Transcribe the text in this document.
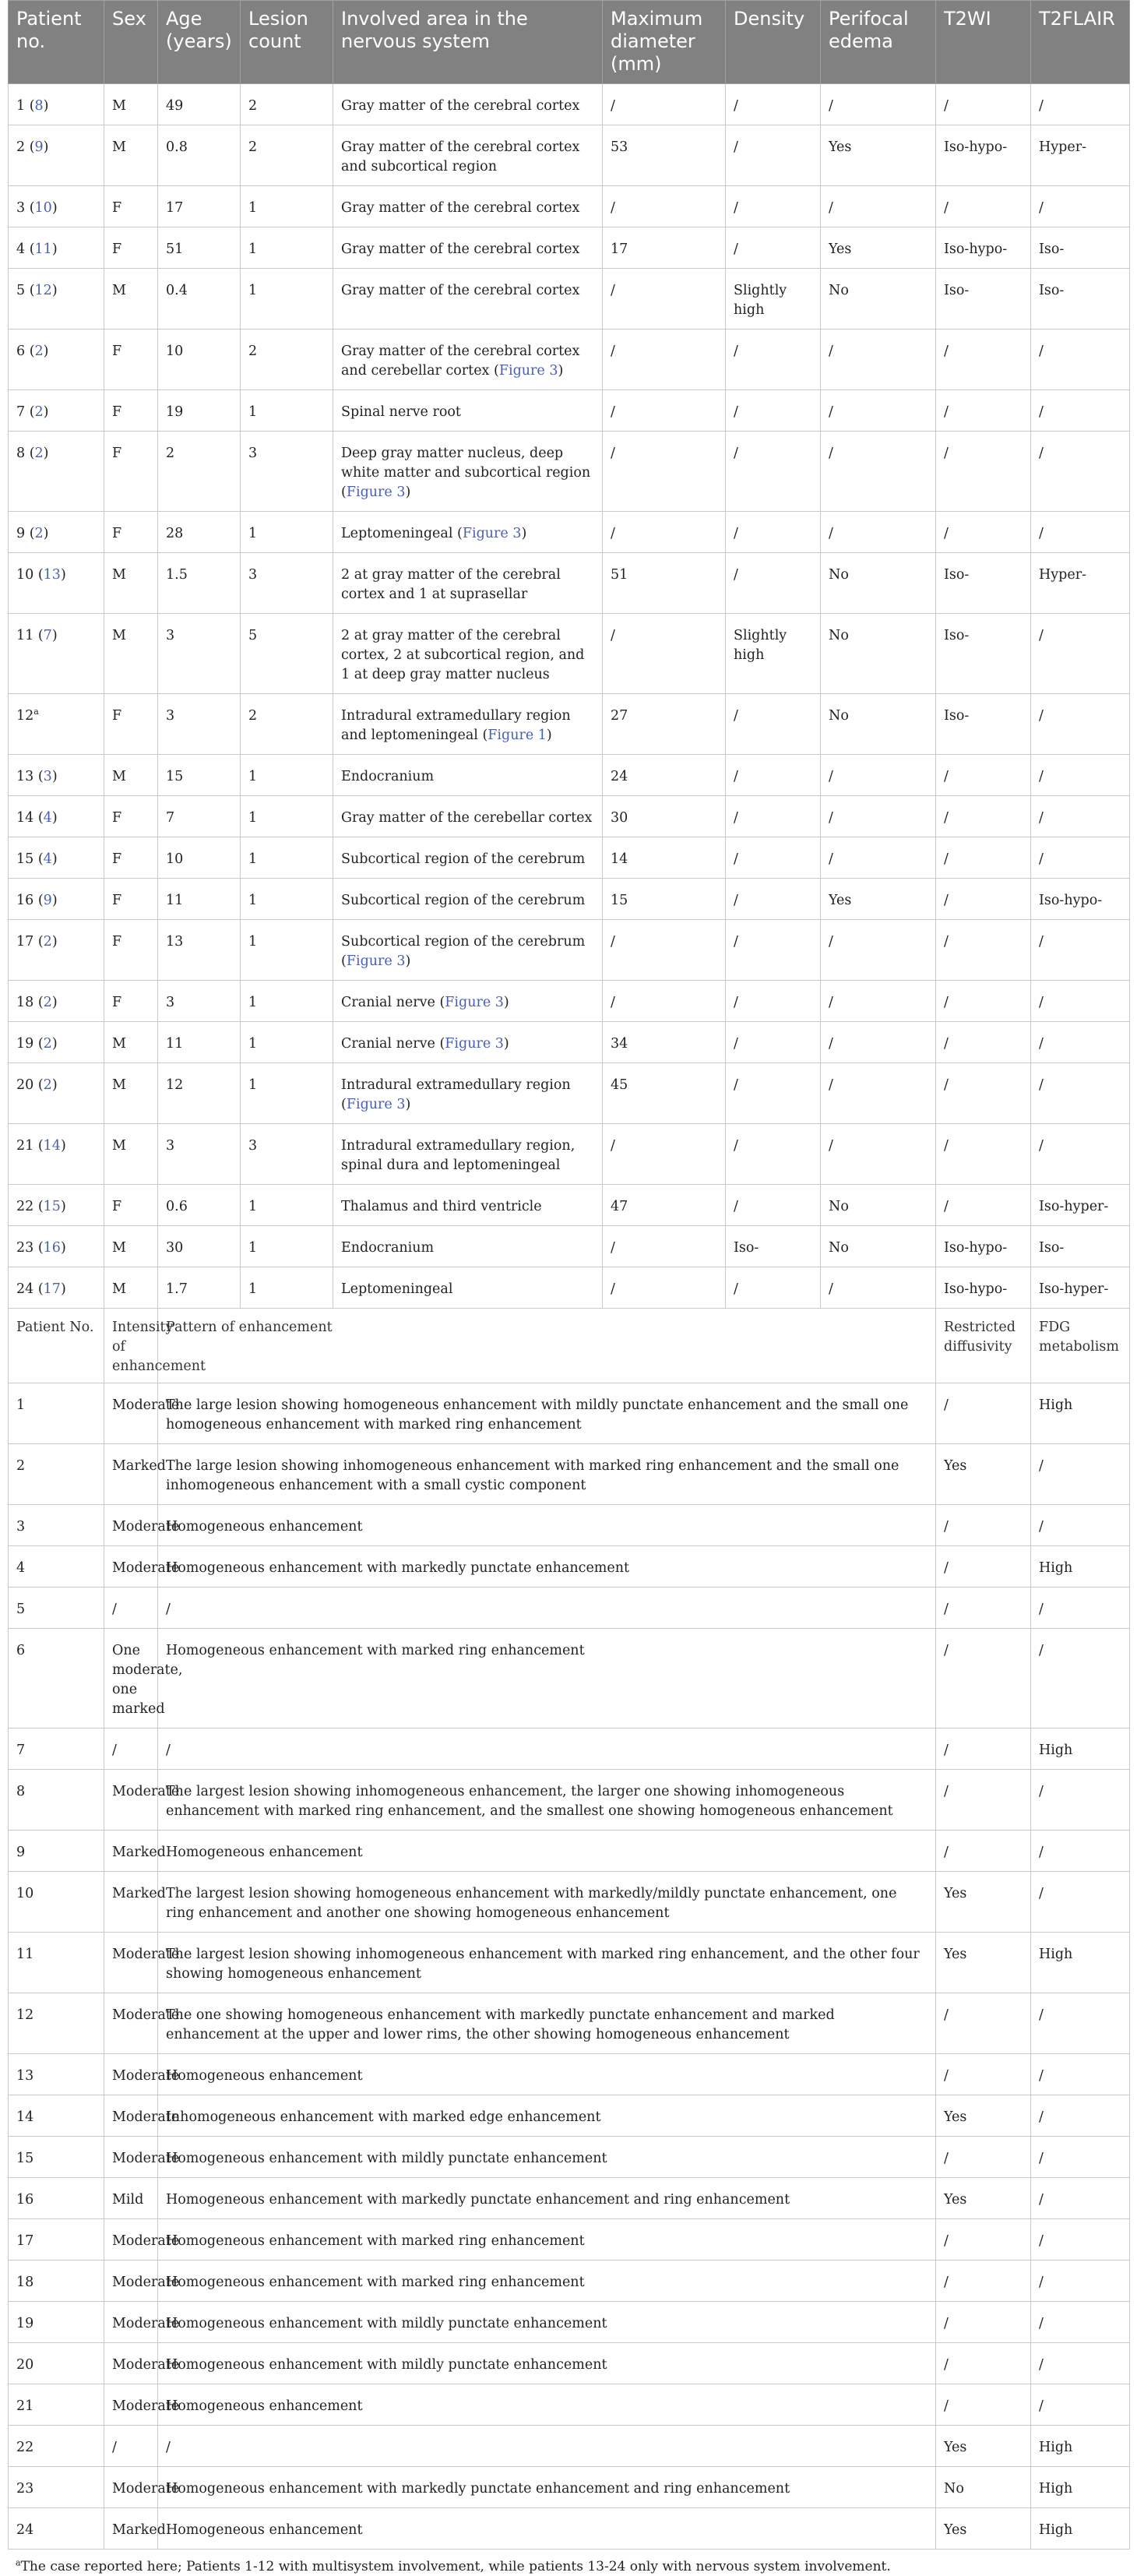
Patient no.	Sex	Age (years)	Lesion count	Involved area in the nervous system	Maximum diameter (mm)	Density	Perifocal edema	T2WI	T2FLAIR
1 (8)	M	49	2	Gray matter of the cerebral cortex	/	/	/	/	/
2 (9)	M	0.8	2	Gray matter of the cerebral cortex and subcortical region	53	/	Yes	Iso-hypo-	Hyper-
3 (10)	F	17	1	Gray matter of the cerebral cortex	/	/	/	/	/
4 (11)	F	51	1	Gray matter of the cerebral cortex	17	/	Yes	Iso-hypo-	Iso-
5 (12)	M	0.4	1	Gray matter of the cerebral cortex	/	Slightly high	No	Iso-	Iso-
6 (2)	F	10	2	Gray matter of the cerebral cortex and cerebellar cortex (Figure 3)	/	/	/	/	/
7 (2)	F	19	1	Spinal nerve root	/	/	/	/	/
8 (2)	F	2	3	Deep gray matter nucleus, deep white matter and subcortical region (Figure 3)	/	/	/	/	/
9 (2)	F	28	1	Leptomeningeal (Figure 3)	/	/	/	/	/
10 (13)	M	1.5	3	2 at gray matter of the cerebral cortex and 1 at suprasellar	51	/	No	Iso-	Hyper-
11 (7)	M	3	5	2 at gray matter of the cerebral cortex, 2 at subcortical region, and 1 at deep gray matter nucleus	/	Slightly high	No	Iso-	/
12$^a$	F	3	2	Intradural extramedullary region and leptomeningeal (Figure 1)	27	/	No	Iso-	/
13 (3)	M	15	1	Endocranium	24	/	/	/	/
14 (4)	F	7	1	Gray matter of the cerebellar cortex	30	/	/	/	/
15 (4)	F	10	1	Subcortical region of the cerebrum	14	/	/	/	/
16 (9)	F	11	1	Subcortical region of the cerebrum	15	/	Yes	/	Iso-hypo-
17 (2)	F	13	1	Subcortical region of the cerebrum (Figure 3)	/	/	/	/	/
18 (2)	F	3	1	Cranial nerve (Figure 3)	/	/	/	/	/
19 (2)	M	11	1	Cranial nerve (Figure 3)	34	/	/	/	/
20 (2)	M	12	1	Intradural extramedullary region (Figure 3)	45	/	/	/	/
21 (14)	M	3	3	Intradural extramedullary region, spinal dura and leptomeningeal	/	/	/	/	/
22 (15)	F	0.6	1	Thalamus and third ventricle	47	/	No	/	Iso-hyper-
23 (16)	M	30	1	Endocranium	/	Iso-	No	Iso-hypo-	Iso-
24 (17)	M	1.7	1	Leptomeningeal	/	/	/	Iso-hypo-	Iso-hyper-
Patient No.	Intensity of enhancement	Pattern of enhancement						Restricted diffusivity	FDG metabolism
1	Moderate	The large lesion showing homogeneous enhancement with mildly punctate enhancement and the small one homogeneous enhancement with marked ring enhancement						/	High
2	Marked	The large lesion showing inhomogeneous enhancement with marked ring enhancement and the small one inhomogeneous enhancement with a small cystic component						Yes	/
3	Moderate	Homogeneous enhancement						/	/
4	Moderate	Homogeneous enhancement with markedly punctate enhancement						/	High
5	/	/						/	/
6	One moderate, one marked	Homogeneous enhancement with marked ring enhancement						/	/
7	/	/						/	High
8	Moderate	The largest lesion showing inhomogeneous enhancement, the larger one showing inhomogeneous enhancement with marked ring enhancement, and the smallest one showing homogeneous enhancement						/	/
9	Marked	Homogeneous enhancement						/	/
10	Marked	The largest lesion showing homogeneous enhancement with markedly/mildly punctate enhancement, one ring enhancement and another one showing homogeneous enhancement						Yes	/
11	Moderate	The largest lesion showing inhomogeneous enhancement with marked ring enhancement, and the other four showing homogeneous enhancement						Yes	High
12	Moderate	The one showing homogeneous enhancement with markedly punctate enhancement and marked enhancement at the upper and lower rims, the other showing homogeneous enhancement						/	/
13	Moderate	Homogeneous enhancement						/	/
14	Moderate	Inhomogeneous enhancement with marked edge enhancement						Yes	/
15	Moderate	Homogeneous enhancement with mildly punctate enhancement						/	/
16	Mild	Homogeneous enhancement with markedly punctate enhancement and ring enhancement						Yes	/
17	Moderate	Homogeneous enhancement with marked ring enhancement						/	/
18	Moderate	Homogeneous enhancement with marked ring enhancement						/	/
19	Moderate	Homogeneous enhancement with mildly punctate enhancement						/	/
20	Moderate	Homogeneous enhancement with mildly punctate enhancement						/	/
21	Moderate	Homogeneous enhancement						/	/
22	/	/						Yes	High
23	Moderate	Homogeneous enhancement with markedly punctate enhancement and ring enhancement						No	High
24	Marked	Homogeneous enhancement						Yes	High
$^a$The case reported here; Patients 1-12 with multisystem involvement, while patients 13-24 only with nervous system involvement.
